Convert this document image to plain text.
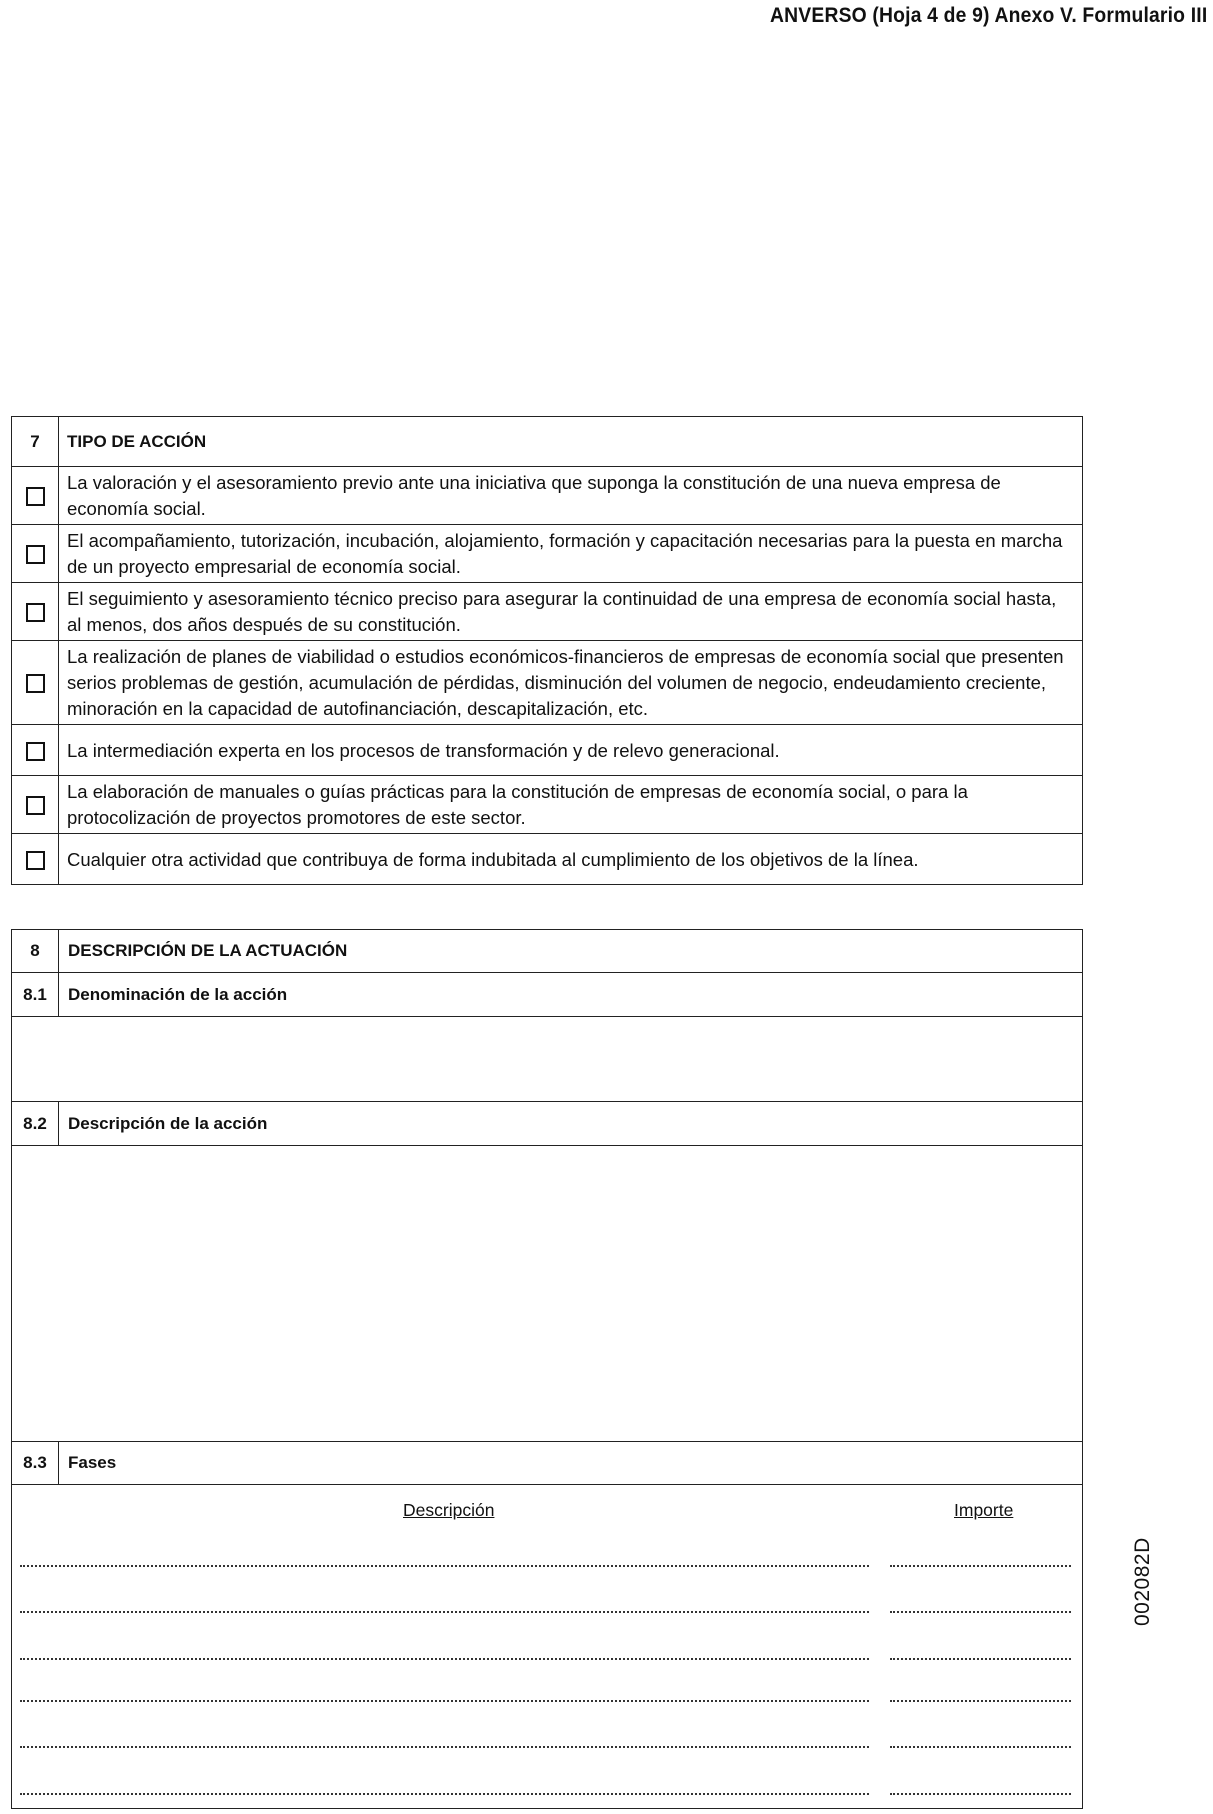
ANVERSO (Hoja 4 de 9) Anexo V. Formulario III
7	TIPO DE ACCIÓN
	La valoración y el asesoramiento previo ante una iniciativa que suponga la constitución de una nueva empresa de economía social.
	El acompañamiento, tutorización, incubación, alojamiento, formación y capacitación necesarias para la puesta en marcha de un proyecto empresarial de economía social.
	El seguimiento y asesoramiento técnico preciso para asegurar la continuidad de una empresa de economía social hasta, al menos, dos años después de su constitución.
	La realización de planes de viabilidad o estudios económicos-financieros de empresas de economía social que presenten serios problemas de gestión, acumulación de pérdidas, disminución del volumen de negocio, endeudamiento creciente, minoración en la capacidad de autofinanciación, descapitalización, etc.
	La intermediación experta en los procesos de transformación y de relevo generacional.
	La elaboración de manuales o guías prácticas para la constitución de empresas de economía social, o para la protocolización de proyectos promotores de este sector.
	Cualquier otra actividad que contribuya de forma indubitada al cumplimiento de los objetivos de la línea.
8	DESCRIPCIÓN DE LA ACTUACIÓN
8.1	Denominación de la acción

8.2	Descripción de la acción

8.3	Fases

Descripción Importe	
002082D
